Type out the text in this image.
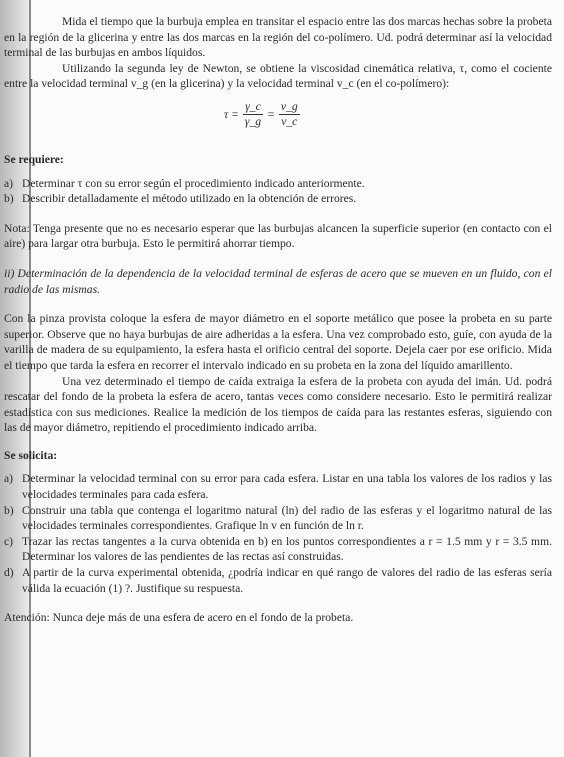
Mida el tiempo que la burbuja emplea en transitar el espacio entre las dos marcas hechas sobre la probeta en la región de la glicerina y entre las dos marcas en la región del co-polímero. Ud. podrá determinar así la velocidad terminal de las burbujas en ambos líquidos.

Utilizando la segunda ley de Newton, se obtiene la viscosidad cinemática relativa, τ, como el cociente entre la velocidad terminal v_g (en la glicerina) y la velocidad terminal v_c (en el co-polímero):

$\tau = \frac{\gamma\_c}{\gamma\_g} = \frac{v\_g}{v\_c}$

Se requiere:

a) Determinar τ con su error según el procedimiento indicado anteriormente.
b) Describir detalladamente el método utilizado en la obtención de errores.

Nota: Tenga presente que no es necesario esperar que las burbujas alcancen la superficie superior (en contacto con el aire) para largar otra burbuja. Esto le permitirá ahorrar tiempo.

ii) Determinación de la dependencia de la velocidad terminal de esferas de acero que se mueven en un fluido, con el radio de las mismas.

Con la pinza provista coloque la esfera de mayor diámetro en el soporte metálico que posee la probeta en su parte superior. Observe que no haya burbujas de aire adheridas a la esfera. Una vez comprobado esto, guíe, con ayuda de la varilla de madera de su equipamiento, la esfera hasta el orificio central del soporte. Dejela caer por ese orificio. Mida el tiempo que tarda la esfera en recorrer el intervalo indicado en su probeta en la zona del líquido amarillento.

Una vez determinado el tiempo de caída extraiga la esfera de la probeta con ayuda del imán. Ud. podrá rescatar del fondo de la probeta la esfera de acero, tantas veces como considere necesario. Esto le permitirá realizar estadística con sus mediciones. Realice la medición de los tiempos de caída para las restantes esferas, siguiendo con las de mayor diámetro, repitiendo el procedimiento indicado arriba.

Se solicita:

a) Determinar la velocidad terminal con su error para cada esfera. Listar en una tabla los valores de los radios y las velocidades terminales para cada esfera.
b) Construir una tabla que contenga el logaritmo natural (ln) del radio de las esferas y el logaritmo natural de las velocidades terminales correspondientes. Grafique ln v en función de ln r.
c) Trazar las rectas tangentes a la curva obtenida en b) en los puntos correspondientes a r = 1.5 mm y r = 3.5 mm. Determinar los valores de las pendientes de las rectas así construidas.
d) A partir de la curva experimental obtenida, ¿podría indicar en qué rango de valores del radio de las esferas sería válida la ecuación (1) ?. Justifique su respuesta.

Atención: Nunca deje más de una esfera de acero en el fondo de la probeta.
